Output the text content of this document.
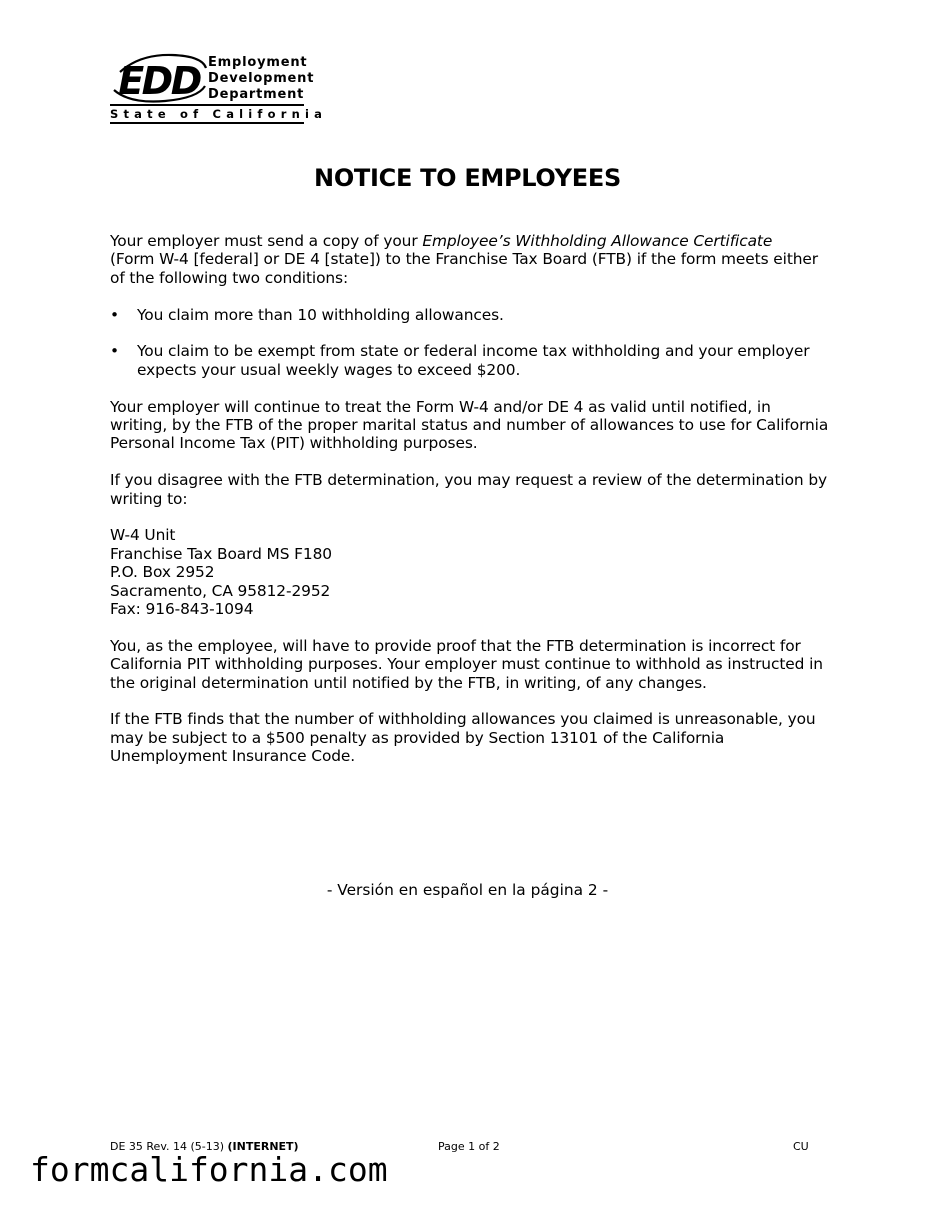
EDD Employment
Development
Department
State of California
NOTICE TO EMPLOYEES

Your employer must send a copy of your Employee’s Withholding Allowance Certificate
(Form W-4 [federal] or DE 4 [state]) to the Franchise Tax Board (FTB) if the form meets either of the following two conditions:

• You claim more than 10 withholding allowances.
• You claim to be exempt from state or federal income tax withholding and your employer expects your usual weekly wages to exceed $200.

Your employer will continue to treat the Form W-4 and/or DE 4 as valid until notified, in writing, by the FTB of the proper marital status and number of allowances to use for California Personal Income Tax (PIT) withholding purposes.

If you disagree with the FTB determination, you may request a review of the determination by writing to:

W-4 Unit
Franchise Tax Board MS F180
P.O. Box 2952
Sacramento, CA 95812-2952
Fax: 916-843-1094

You, as the employee, will have to provide proof that the FTB determination is incorrect for California PIT withholding purposes. Your employer must continue to withhold as instructed in the original determination until notified by the FTB, in writing, of any changes.

If the FTB finds that the number of withholding allowances you claimed is unreasonable, you may be subject to a $500 penalty as provided by Section 13101 of the California Unemployment Insurance Code.

- Versión en español en la página 2 -
DE 35 Rev. 14 (5-13) (INTERNET)	Page 1 of 2	CU
formcalifornia.com
